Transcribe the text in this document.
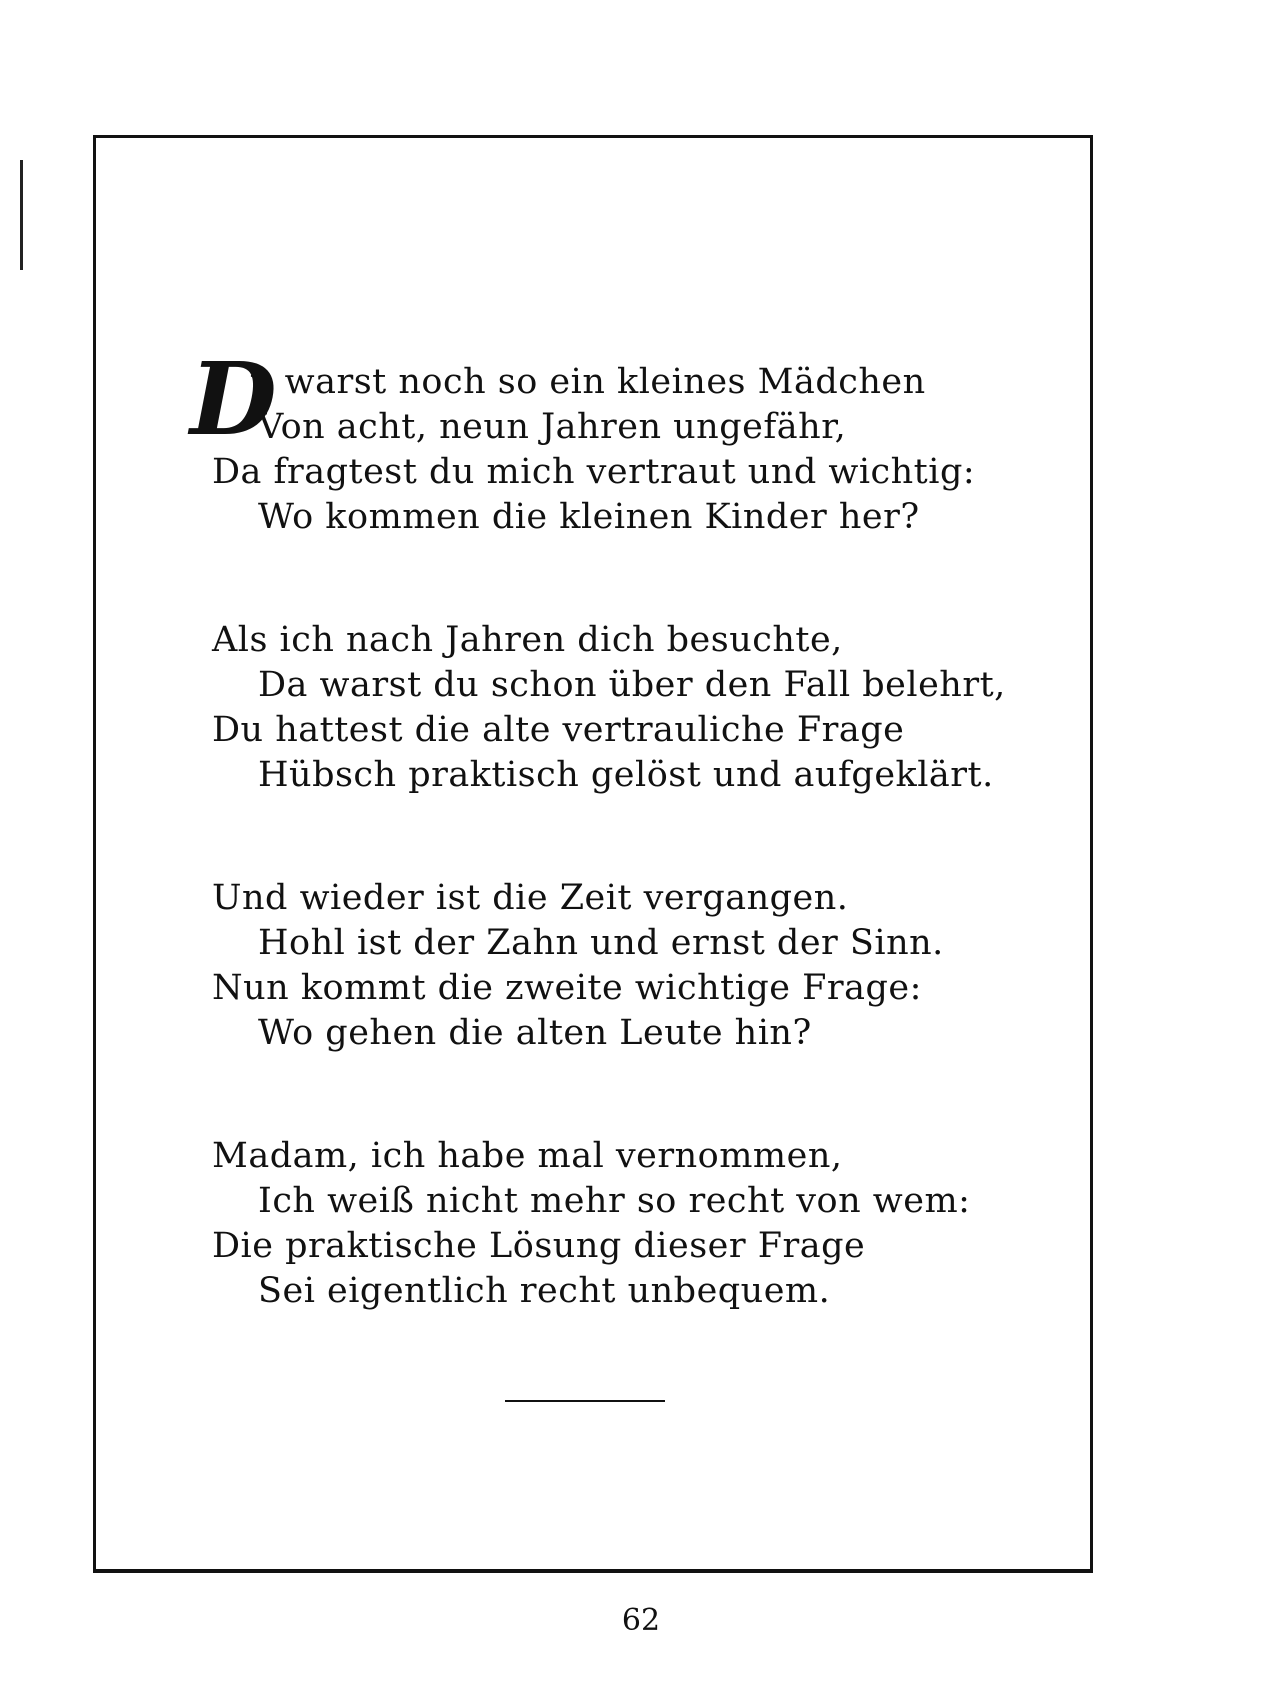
D
u warst noch so ein kleines Mädchen
Von acht, neun Jahren ungefähr,
Da fragtest du mich vertraut und wichtig:
Wo kommen die kleinen Kinder her?
Als ich nach Jahren dich besuchte,
Da warst du schon über den Fall belehrt,
Du hattest die alte vertrauliche Frage
Hübsch praktisch gelöst und aufgeklärt.
Und wieder ist die Zeit vergangen.
Hohl ist der Zahn und ernst der Sinn.
Nun kommt die zweite wichtige Frage:
Wo gehen die alten Leute hin?
Madam, ich habe mal vernommen,
Ich weiß nicht mehr so recht von wem:
Die praktische Lösung dieser Frage
Sei eigentlich recht unbequem.
62
